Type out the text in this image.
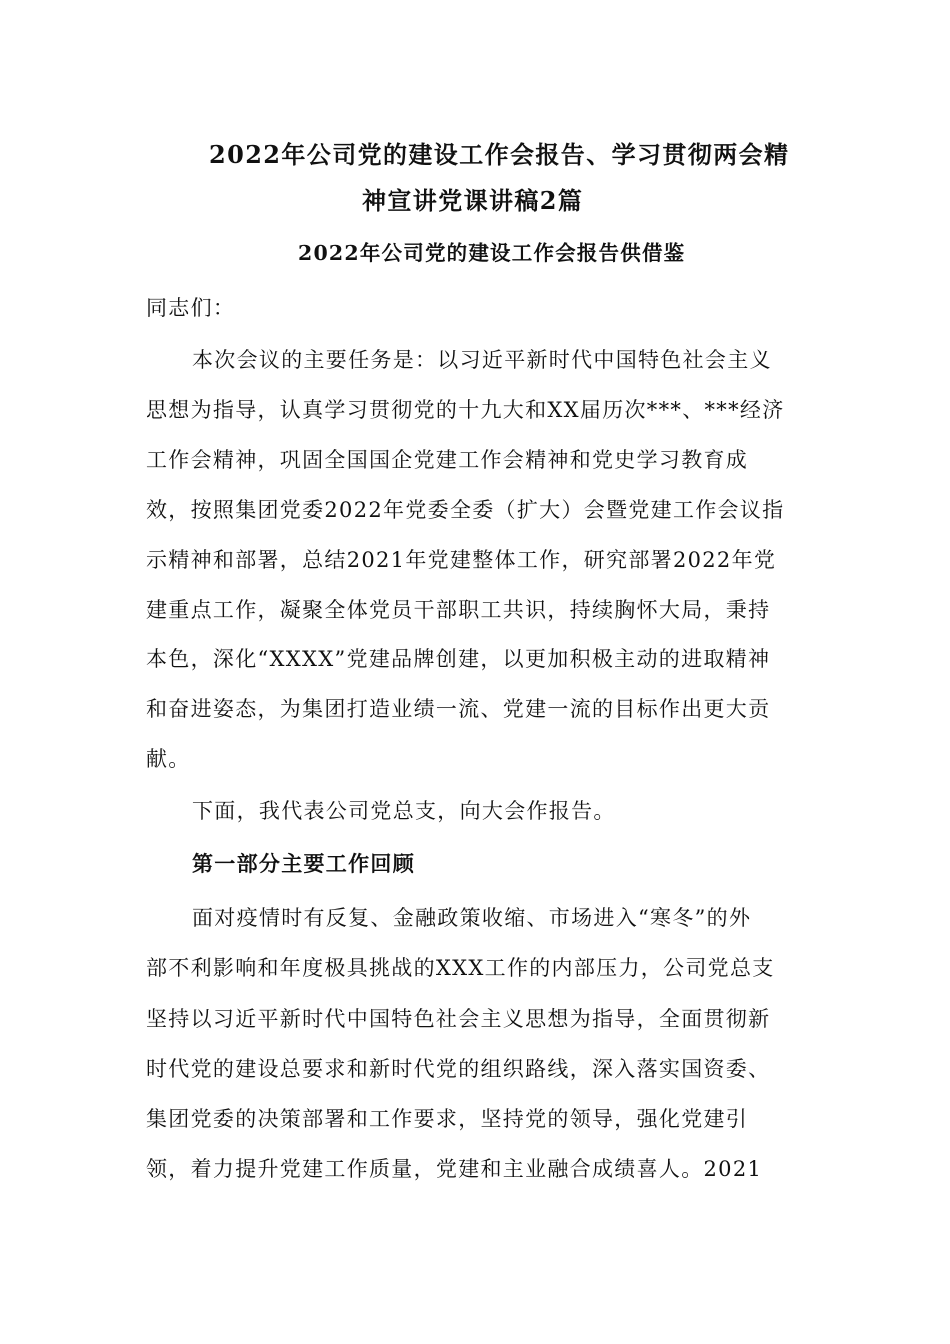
2022年公司党的建设工作会报告、学习贯彻两会精
神宣讲党课讲稿2篇
2022年公司党的建设工作会报告供借鉴
同志们：
本次会议的主要任务是：以习近平新时代中国特色社会主义
思想为指导，认真学习贯彻党的十九大和XX届历次***、***经济
工作会精神，巩固全国国企党建工作会精神和党史学习教育成
效，按照集团党委2022年党委全委（扩大）会暨党建工作会议指
示精神和部署，总结2021年党建整体工作，研究部署2022年党
建重点工作，凝聚全体党员干部职工共识，持续胸怀大局，秉持
本色，深化“XXXX”党建品牌创建，以更加积极主动的进取精神
和奋进姿态，为集团打造业绩一流、党建一流的目标作出更大贡
献。
下面，我代表公司党总支，向大会作报告。
第一部分主要工作回顾
面对疫情时有反复、金融政策收缩、市场进入“寒冬”的外
部不利影响和年度极具挑战的XXX工作的内部压力，公司党总支
坚持以习近平新时代中国特色社会主义思想为指导，全面贯彻新
时代党的建设总要求和新时代党的组织路线，深入落实国资委、
集团党委的决策部署和工作要求，坚持党的领导，强化党建引
领，着力提升党建工作质量，党建和主业融合成绩喜人。2021
